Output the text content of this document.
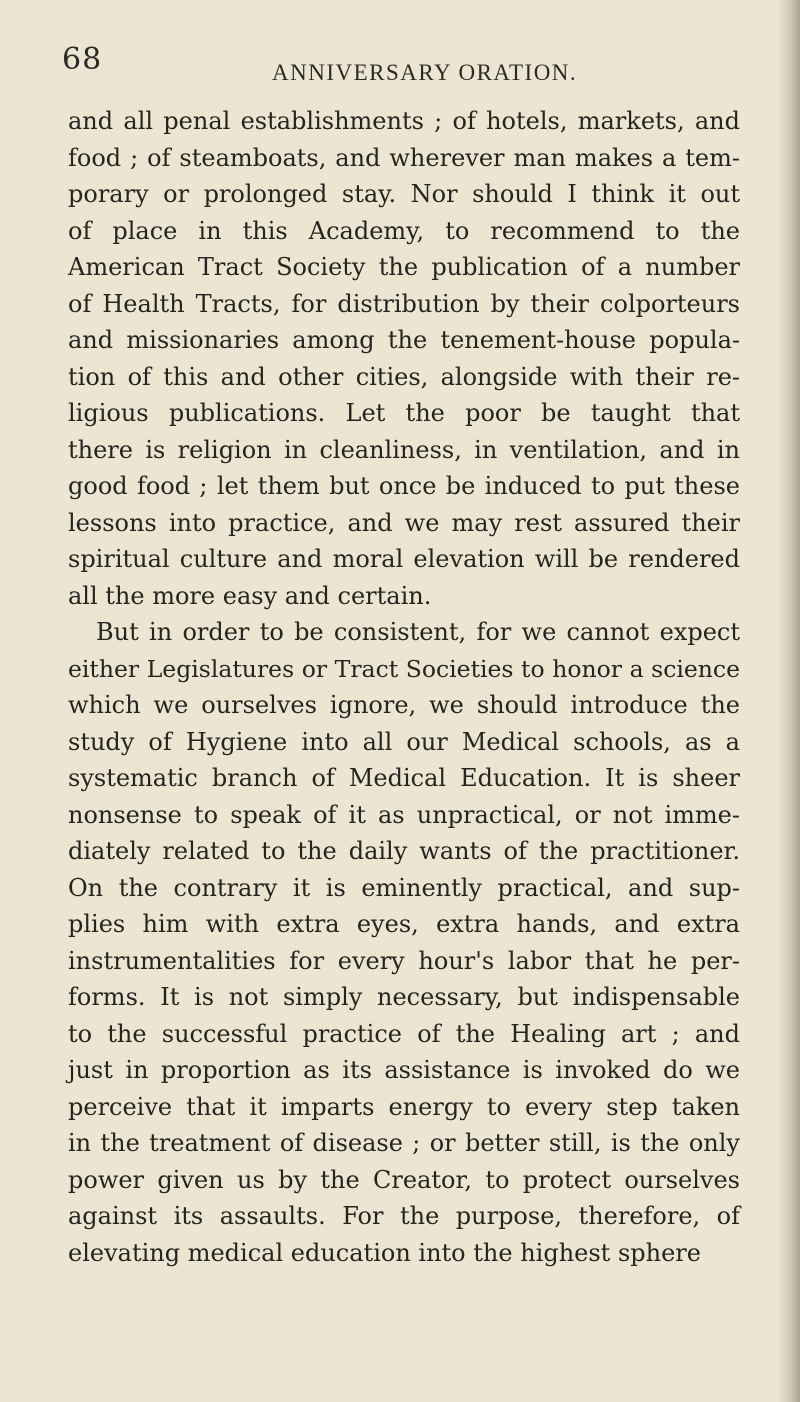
68	ANNIVERSARY ORATION.
and all penal establishments ; of hotels, markets, and
food ; of steamboats, and wherever man makes a tem-
porary or prolonged stay. Nor should I think it out
of place in this Academy, to recommend to the
American Tract Society the publication of a number
of Health Tracts, for distribution by their colporteurs
and missionaries among the tenement-house popula-
tion of this and other cities, alongside with their re-
ligious publications. Let the poor be taught that
there is religion in cleanliness, in ventilation, and in
good food ; let them but once be induced to put these
lessons into practice, and we may rest assured their
spiritual culture and moral elevation will be rendered
all the more easy and certain.
But in order to be consistent, for we cannot expect
either Legislatures or Tract Societies to honor a science
which we ourselves ignore, we should introduce the
study of Hygiene into all our Medical schools, as a
systematic branch of Medical Education. It is sheer
nonsense to speak of it as unpractical, or not imme-
diately related to the daily wants of the practitioner.
On the contrary it is eminently practical, and sup-
plies him with extra eyes, extra hands, and extra
instrumentalities for every hour's labor that he per-
forms. It is not simply necessary, but indispensable
to the successful practice of the Healing art ; and
just in proportion as its assistance is invoked do we
perceive that it imparts energy to every step taken
in the treatment of disease ; or better still, is the only
power given us by the Creator, to protect ourselves
against its assaults. For the purpose, therefore, of
elevating medical education into the highest sphere
